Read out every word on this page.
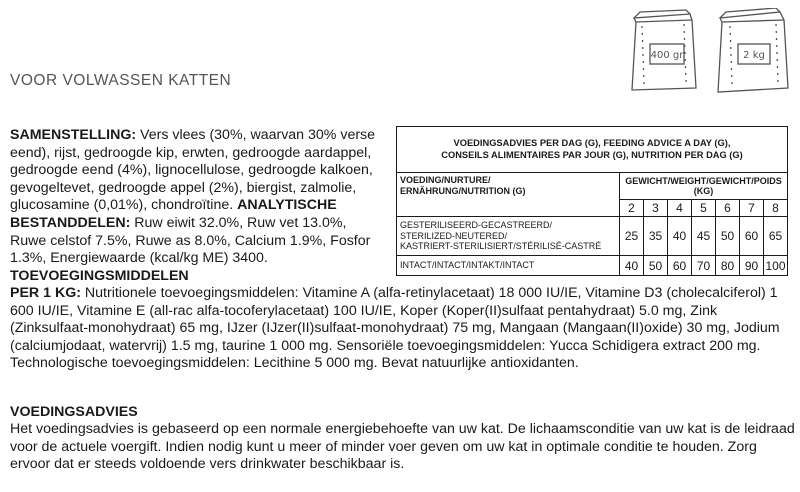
VOOR VOLWASSEN KATTEN
400 gr	2 kg
SAMENSTELLING: Vers vlees (30%, waarvan 30% verse eend), rijst, gedroogde kip, erwten, gedroogde aardappel, gedroogde eend (4%), lignocellulose, gedroogde kalkoen, gevogeltevet, gedroogde appel (2%), biergist, zalmolie, glucosamine (0,01%), chondroïtine. ANALYTISCHE BESTANDDELEN: Ruw eiwit 32.0%, Ruw vet 13.0%, Ruwe celstof 7.5%, Ruwe as 8.0%, Calcium 1.9%, Fosfor 1.3%, Energiewaarde (kcal/kg ME) 3400. TOEVOEGINGSMIDDELEN
PER 1 KG: Nutritionele toevoegingsmiddelen: Vitamine A (alfa-retinylacetaat) 18 000 IU/IE, Vitamine D3 (cholecalciferol) 1 600 IU/IE, Vitamine E (all-rac alfa-tocoferylacetaat) 100 IU/IE, Koper (Koper(II)sulfaat pentahydraat) 5.0 mg, Zink (Zinksulfaat-monohydraat) 65 mg, IJzer (IJzer(II)sulfaat-monohydraat) 75 mg, Mangaan (Mangaan(II)oxide) 30 mg, Jodium (calciumjodaat, watervrij) 1.5 mg, taurine 1 000 mg. Sensoriële toevoegingsmiddelen: Yucca Schidigera extract 200 mg. Technologische toevoegingsmiddelen: Lecithine 5 000 mg. Bevat natuurlijke antioxidanten.
VOEDINGSADVIES PER DAG (G), FEEDING ADVICE A DAY (G),
CONSEILS ALIMENTAIRES PAR JOUR (G), NUTRITION PER DAG (G)							

VOEDING/NURTURE/
ERNÄHRUNG/NUTRITION (G)	GEWICHT/WEIGHT/GEWICHT/POIDS (KG)						
	2	3	4	5	6	7	8

GESTERILISEERD-GECASTREERD/
STERILIZED-NEUTERED/
KASTRIERT-STERILISIERT/STÉRILISÉ-CASTRÉ	25	35	40	45	50	60	65

INTACT/INTACT/INTAKT/INTACT	40	50	60	70	80	90	100
VOEDINGSADVIES
Het voedingsadvies is gebaseerd op een normale energiebehoefte van uw kat. De lichaamsconditie van uw kat is de leidraad voor de actuele voergift. Indien nodig kunt u meer of minder voer geven om uw kat in optimale conditie te houden. Zorg ervoor dat er steeds voldoende vers drinkwater beschikbaar is.
